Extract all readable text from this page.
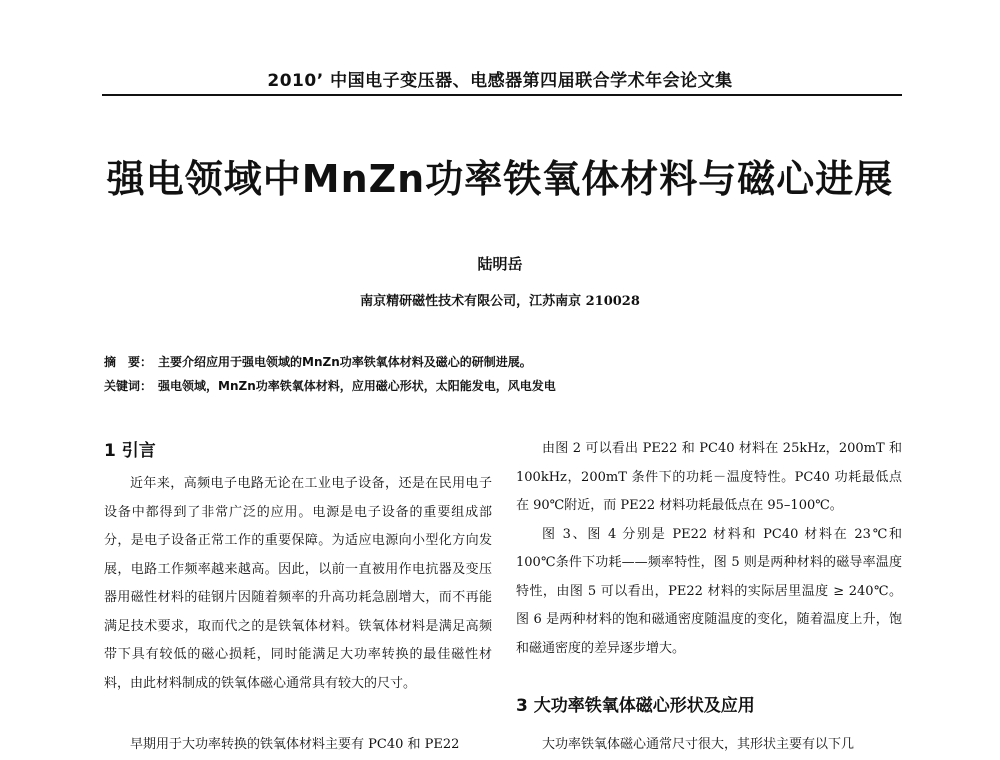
2010’ 中国电子变压器、电感器第四届联合学术年会论文集
强电领域中MnZn功率铁氧体材料与磁心进展
陆明岳
南京精研磁性技术有限公司，江苏南京 210028
摘　要： 主要介绍应用于强电领域的MnZn功率铁氧体材料及磁心的研制进展。
关键词： 强电领域，MnZn功率铁氧体材料，应用磁心形状，太阳能发电，风电发电
1 引言

近年来，高频电子电路无论在工业电子设备，还是在民用电子设备中都得到了非常广泛的应用。电源是电子设备的重要组成部分，是电子设备正常工作的重要保障。为适应电源向小型化方向发展，电路工作频率越来越高。因此，以前一直被用作电抗器及变压器用磁性材料的硅钢片因随着频率的升高功耗急剧增大，而不再能满足技术要求，取而代之的是铁氧体材料。铁氧体材料是满足高频带下具有较低的磁心损耗，同时能满足大功率转换的最佳磁性材料，由此材料制成的铁氧体磁心通常具有较大的尺寸。

早期用于大功率转换的铁氧体材料主要有 PC40 和 PE22

由图 2 可以看出 PE22 和 PC40 材料在 25kHz，200mT 和 100kHz，200mT 条件下的功耗－温度特性。PC40 功耗最低点在 90℃附近，而 PE22 材料功耗最低点在 95–100℃。

图 3、图 4 分别是 PE22 材料和 PC40 材料在 23℃和 100℃条件下功耗——频率特性，图 5 则是两种材料的磁导率温度特性，由图 5 可以看出，PE22 材料的实际居里温度 ≥ 240℃。图 6 是两种材料的饱和磁通密度随温度的变化，随着温度上升，饱和磁通密度的差异逐步增大。

3 大功率铁氧体磁心形状及应用

大功率铁氧体磁心通常尺寸很大，其形状主要有以下几
